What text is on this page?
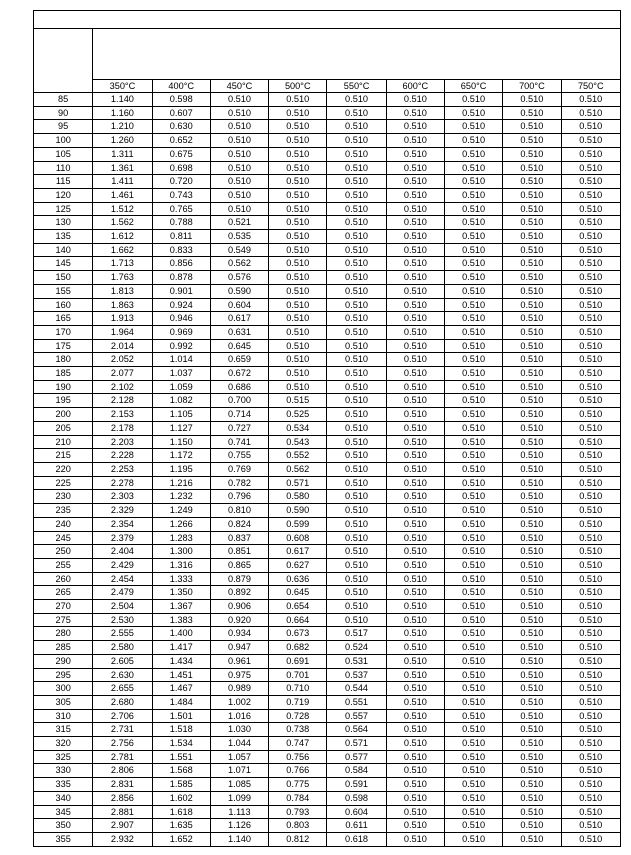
	350°C	400°C	450°C	500°C	550°C	600°C	650°C	700°C	750°C
85	1.140	0.598	0.510	0.510	0.510	0.510	0.510	0.510	0.510
90	1.160	0.607	0.510	0.510	0.510	0.510	0.510	0.510	0.510
95	1.210	0.630	0.510	0.510	0.510	0.510	0.510	0.510	0.510
100	1.260	0.652	0.510	0.510	0.510	0.510	0.510	0.510	0.510
105	1.311	0.675	0.510	0.510	0.510	0.510	0.510	0.510	0.510
110	1.361	0.698	0.510	0.510	0.510	0.510	0.510	0.510	0.510
115	1.411	0.720	0.510	0.510	0.510	0.510	0.510	0.510	0.510
120	1.461	0.743	0.510	0.510	0.510	0.510	0.510	0.510	0.510
125	1.512	0.765	0.510	0.510	0.510	0.510	0.510	0.510	0.510
130	1.562	0.788	0.521	0.510	0.510	0.510	0.510	0.510	0.510
135	1.612	0.811	0.535	0.510	0.510	0.510	0.510	0.510	0.510
140	1.662	0.833	0.549	0.510	0.510	0.510	0.510	0.510	0.510
145	1.713	0.856	0.562	0.510	0.510	0.510	0.510	0.510	0.510
150	1.763	0.878	0.576	0.510	0.510	0.510	0.510	0.510	0.510
155	1.813	0.901	0.590	0.510	0.510	0.510	0.510	0.510	0.510
160	1.863	0.924	0.604	0.510	0.510	0.510	0.510	0.510	0.510
165	1.913	0.946	0.617	0.510	0.510	0.510	0.510	0.510	0.510
170	1.964	0.969	0.631	0.510	0.510	0.510	0.510	0.510	0.510
175	2.014	0.992	0.645	0.510	0.510	0.510	0.510	0.510	0.510
180	2.052	1.014	0.659	0.510	0.510	0.510	0.510	0.510	0.510
185	2.077	1.037	0.672	0.510	0.510	0.510	0.510	0.510	0.510
190	2.102	1.059	0.686	0.510	0.510	0.510	0.510	0.510	0.510
195	2.128	1.082	0.700	0.515	0.510	0.510	0.510	0.510	0.510
200	2.153	1.105	0.714	0.525	0.510	0.510	0.510	0.510	0.510
205	2.178	1.127	0.727	0.534	0.510	0.510	0.510	0.510	0.510
210	2.203	1.150	0.741	0.543	0.510	0.510	0.510	0.510	0.510
215	2.228	1.172	0.755	0.552	0.510	0.510	0.510	0.510	0.510
220	2.253	1.195	0.769	0.562	0.510	0.510	0.510	0.510	0.510
225	2.278	1.216	0.782	0.571	0.510	0.510	0.510	0.510	0.510
230	2.303	1.232	0.796	0.580	0.510	0.510	0.510	0.510	0.510
235	2.329	1.249	0.810	0.590	0.510	0.510	0.510	0.510	0.510
240	2.354	1.266	0.824	0.599	0.510	0.510	0.510	0.510	0.510
245	2.379	1.283	0.837	0.608	0.510	0.510	0.510	0.510	0.510
250	2.404	1.300	0.851	0.617	0.510	0.510	0.510	0.510	0.510
255	2.429	1.316	0.865	0.627	0.510	0.510	0.510	0.510	0.510
260	2.454	1.333	0.879	0.636	0.510	0.510	0.510	0.510	0.510
265	2.479	1.350	0.892	0.645	0.510	0.510	0.510	0.510	0.510
270	2.504	1.367	0.906	0.654	0.510	0.510	0.510	0.510	0.510
275	2.530	1.383	0.920	0.664	0.510	0.510	0.510	0.510	0.510
280	2.555	1.400	0.934	0.673	0.517	0.510	0.510	0.510	0.510
285	2.580	1.417	0.947	0.682	0.524	0.510	0.510	0.510	0.510
290	2.605	1.434	0.961	0.691	0.531	0.510	0.510	0.510	0.510
295	2.630	1.451	0.975	0.701	0.537	0.510	0.510	0.510	0.510
300	2.655	1.467	0.989	0.710	0.544	0.510	0.510	0.510	0.510
305	2.680	1.484	1.002	0.719	0.551	0.510	0.510	0.510	0.510
310	2.706	1.501	1.016	0.728	0.557	0.510	0.510	0.510	0.510
315	2.731	1.518	1.030	0.738	0.564	0.510	0.510	0.510	0.510
320	2.756	1.534	1.044	0.747	0.571	0.510	0.510	0.510	0.510
325	2.781	1.551	1.057	0.756	0.577	0.510	0.510	0.510	0.510
330	2.806	1.568	1.071	0.766	0.584	0.510	0.510	0.510	0.510
335	2.831	1.585	1.085	0.775	0.591	0.510	0.510	0.510	0.510
340	2.856	1.602	1.099	0.784	0.598	0.510	0.510	0.510	0.510
345	2.881	1.618	1.113	0.793	0.604	0.510	0.510	0.510	0.510
350	2.907	1.635	1.126	0.803	0.611	0.510	0.510	0.510	0.510
355	2.932	1.652	1.140	0.812	0.618	0.510	0.510	0.510	0.510
